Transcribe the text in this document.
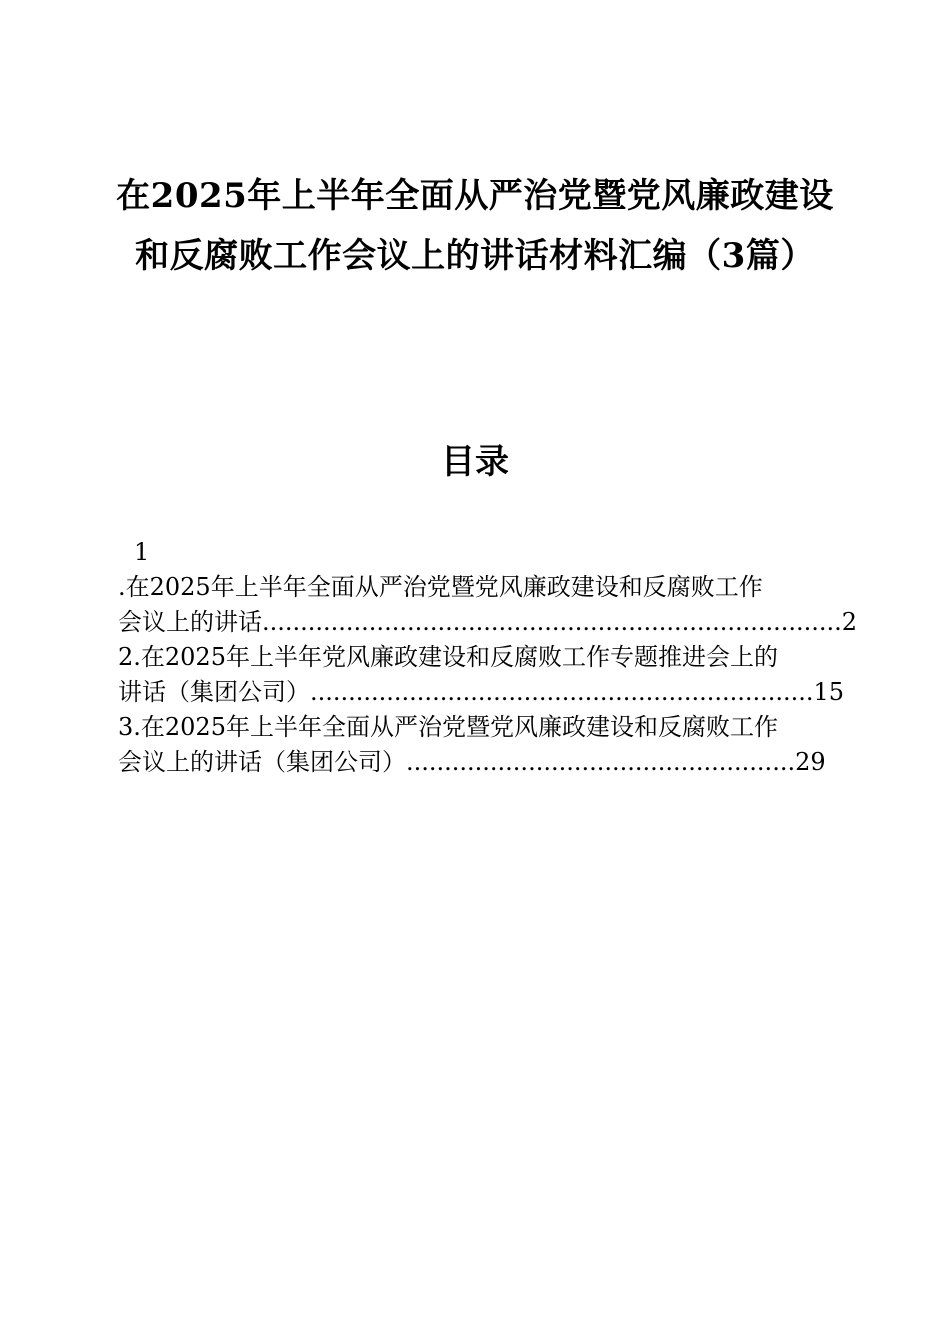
在2025年上半年全面从严治党暨党风廉政建设和反腐败工作会议上的讲话材料汇编（3篇）
目录
1
.在2025年上半年全面从严治党暨党风廉政建设和反腐败工作
会议上的讲话............................................................................2
2.在2025年上半年党风廉政建设和反腐败工作专题推进会上的
讲话（集团公司）..................................................................15
3.在2025年上半年全面从严治党暨党风廉政建设和反腐败工作
会议上的讲话（集团公司）...................................................29
